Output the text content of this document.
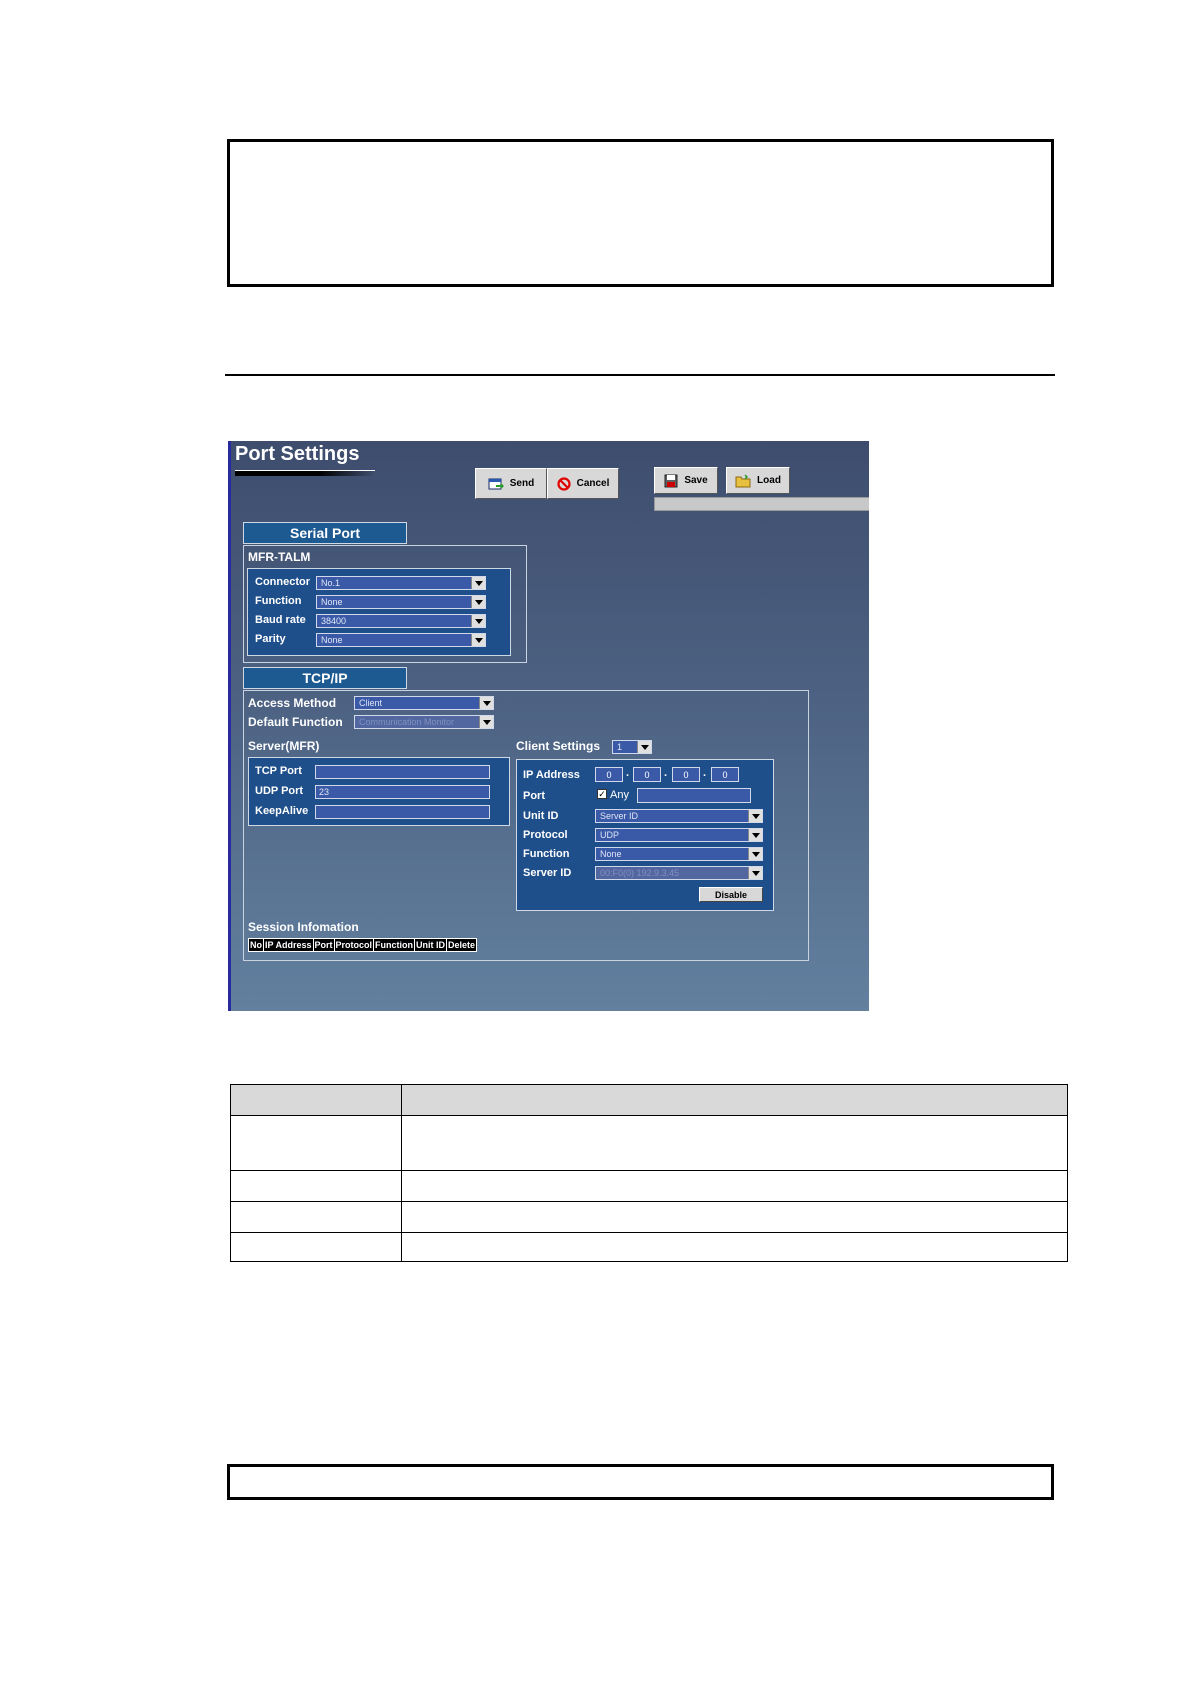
Port Settings
Send	Cancel	Save	Load
Serial Port
MFR-TALM
Connector No.1
Function None
Baud rate 38400
Parity	None
TCP/IP
Access Method	Client
Default Function Communication Monitor
Server(MFR)
TCP Port
UDP Port	23
KeepAlive
Client Settings 1
IP Address	0	.	0	.	0	.	0
Port	✓ Any
Unit ID	Server ID
Protocol	UDP
Function	None
Server ID	00:F0(0) 192.9.3.45
Disable
Session Infomation
No IP Address Port Protocol Function Unit ID Delete
